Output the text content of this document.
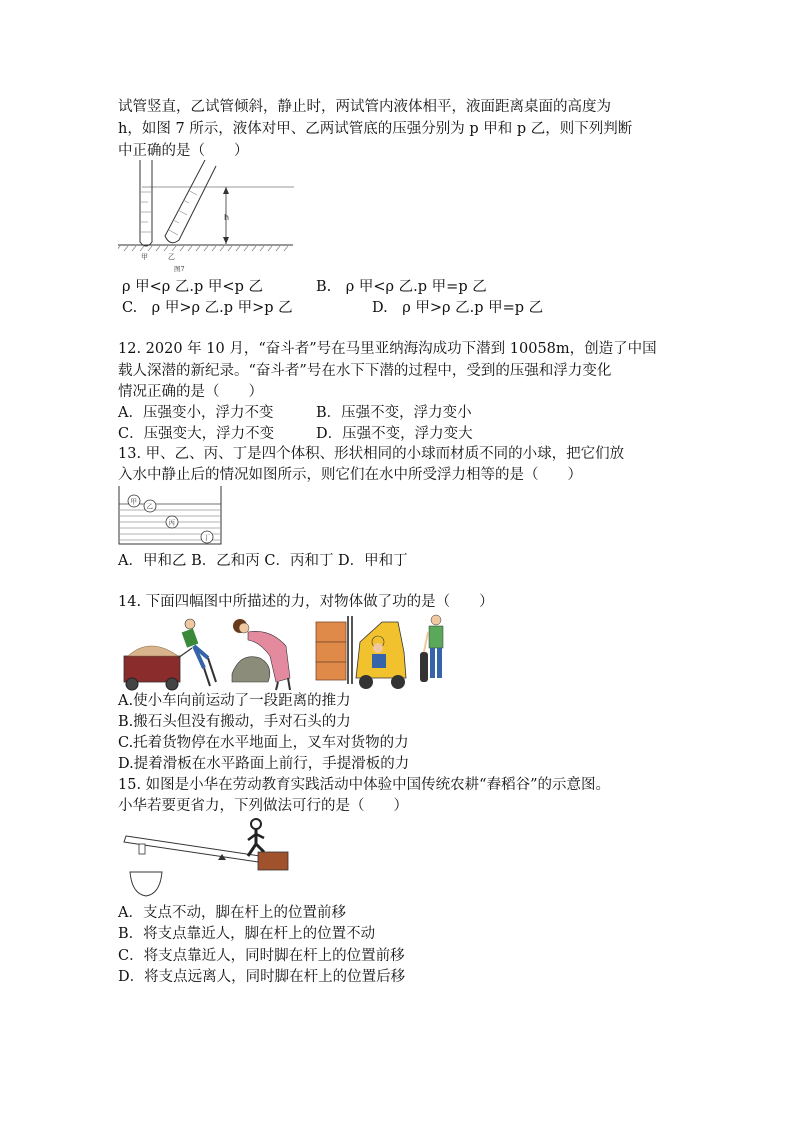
试管竖直，乙试管倾斜，静止时，两试管内液体相平，液面距离桌面的高度为
h，如图 7 所示，液体对甲、乙两试管底的压强分别为 p 甲和 p 乙，则下列判断
中正确的是（　　）
h
甲	乙
图7
ρ 甲<ρ 乙.p 甲<p 乙	B.　ρ 甲<ρ 乙.p 甲=p 乙
C.　ρ 甲>ρ 乙.p 甲>p 乙	D.　ρ 甲>ρ 乙.p 甲=p 乙
12. 2020 年 10 月，“奋斗者”号在马里亚纳海沟成功下潜到 10058m，创造了中国
载人深潜的新纪录。“奋斗者”号在水下下潜的过程中，受到的压强和浮力变化
情况正确的是（　　）
A．压强变小，浮力不变	B．压强不变，浮力变小
C．压强变大，浮力不变	D．压强不变，浮力变大
13. 甲、乙、丙、丁是四个体积、形状相同的小球而材质不同的小球，把它们放
入水中静止后的情况如图所示，则它们在水中所受浮力相等的是（　　）
甲
乙
丙
丁
A．甲和乙 B．乙和丙 C．丙和丁 D．甲和丁
14. 下面四幅图中所描述的力，对物体做了功的是（　　）
A.使小车向前运动了一段距离的推力
B.搬石头但没有搬动，手对石头的力
C.托着货物停在水平地面上，叉车对货物的力
D.提着滑板在水平路面上前行，手提滑板的力
15. 如图是小华在劳动教育实践活动中体验中国传统农耕“舂稻谷”的示意图。
小华若要更省力，下列做法可行的是（　　）
A．支点不动，脚在杆上的位置前移
B．将支点靠近人，脚在杆上的位置不动
C．将支点靠近人，同时脚在杆上的位置前移
D．将支点远离人，同时脚在杆上的位置后移
